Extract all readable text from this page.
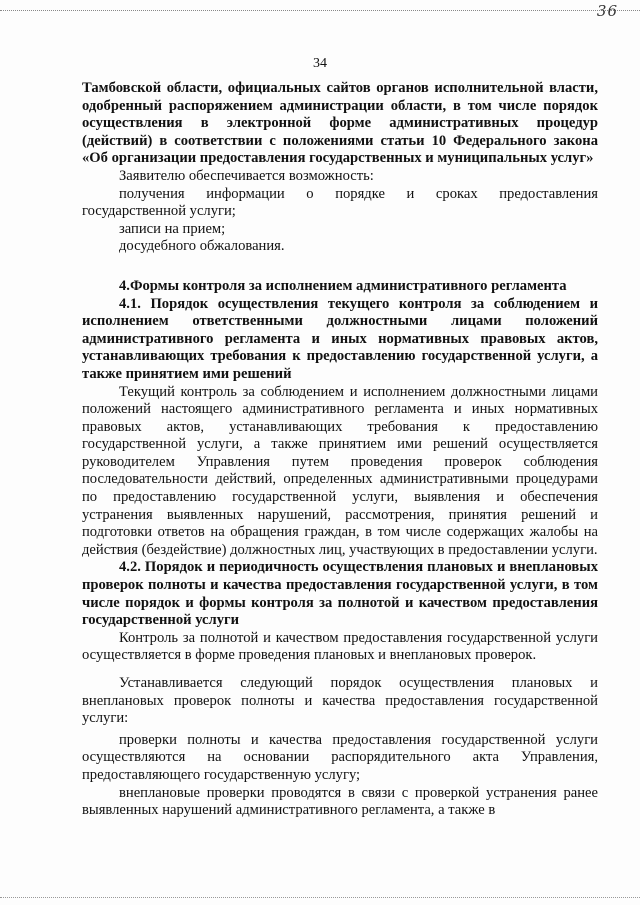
36
34

Тамбовской области, официальных сайтов органов исполнительной власти, одобренный распоряжением администрации области, в том числе порядок осуществления в электронной форме административных процедур (действий) в соответствии с положениями статьи 10 Федерального закона «Об организации предоставления государственных и муниципальных услуг»

Заявителю обеспечивается возможность:

получения информации о порядке и сроках предоставления государственной услуги;

записи на прием;

досудебного обжалования.

4.Формы контроля за исполнением административного регламента

4.1. Порядок осуществления текущего контроля за соблюдением и исполнением ответственными должностными лицами положений административного регламента и иных нормативных правовых актов, устанавливающих требования к предоставлению государственной услуги, а также принятием ими решений

Текущий контроль за соблюдением и исполнением должностными лицами положений настоящего административного регламента и иных нормативных правовых актов, устанавливающих требования к предоставлению государственной услуги, а также принятием ими решений осуществляется руководителем Управления путем проведения проверок соблюдения последовательности действий, определенных административными процедурами по предоставлению государственной услуги, выявления и обеспечения устранения выявленных нарушений, рассмотрения, принятия решений и подготовки ответов на обращения граждан, в том числе содержащих жалобы на действия (бездействие) должностных лиц, участвующих в предоставлении услуги.

4.2. Порядок и периодичность осуществления плановых и внеплановых проверок полноты и качества предоставления государственной услуги, в том числе порядок и формы контроля за полнотой и качеством предоставления государственной услуги

Контроль за полнотой и качеством предоставления государственной услуги осуществляется в форме проведения плановых и внеплановых проверок.

Устанавливается следующий порядок осуществления плановых и внеплановых проверок полноты и качества предоставления государственной услуги:

проверки полноты и качества предоставления государственной услуги осуществляются на основании распорядительного акта Управления, предоставляющего государственную услугу;

внеплановые проверки проводятся в связи с проверкой устранения ранее выявленных нарушений административного регламента, а также в
